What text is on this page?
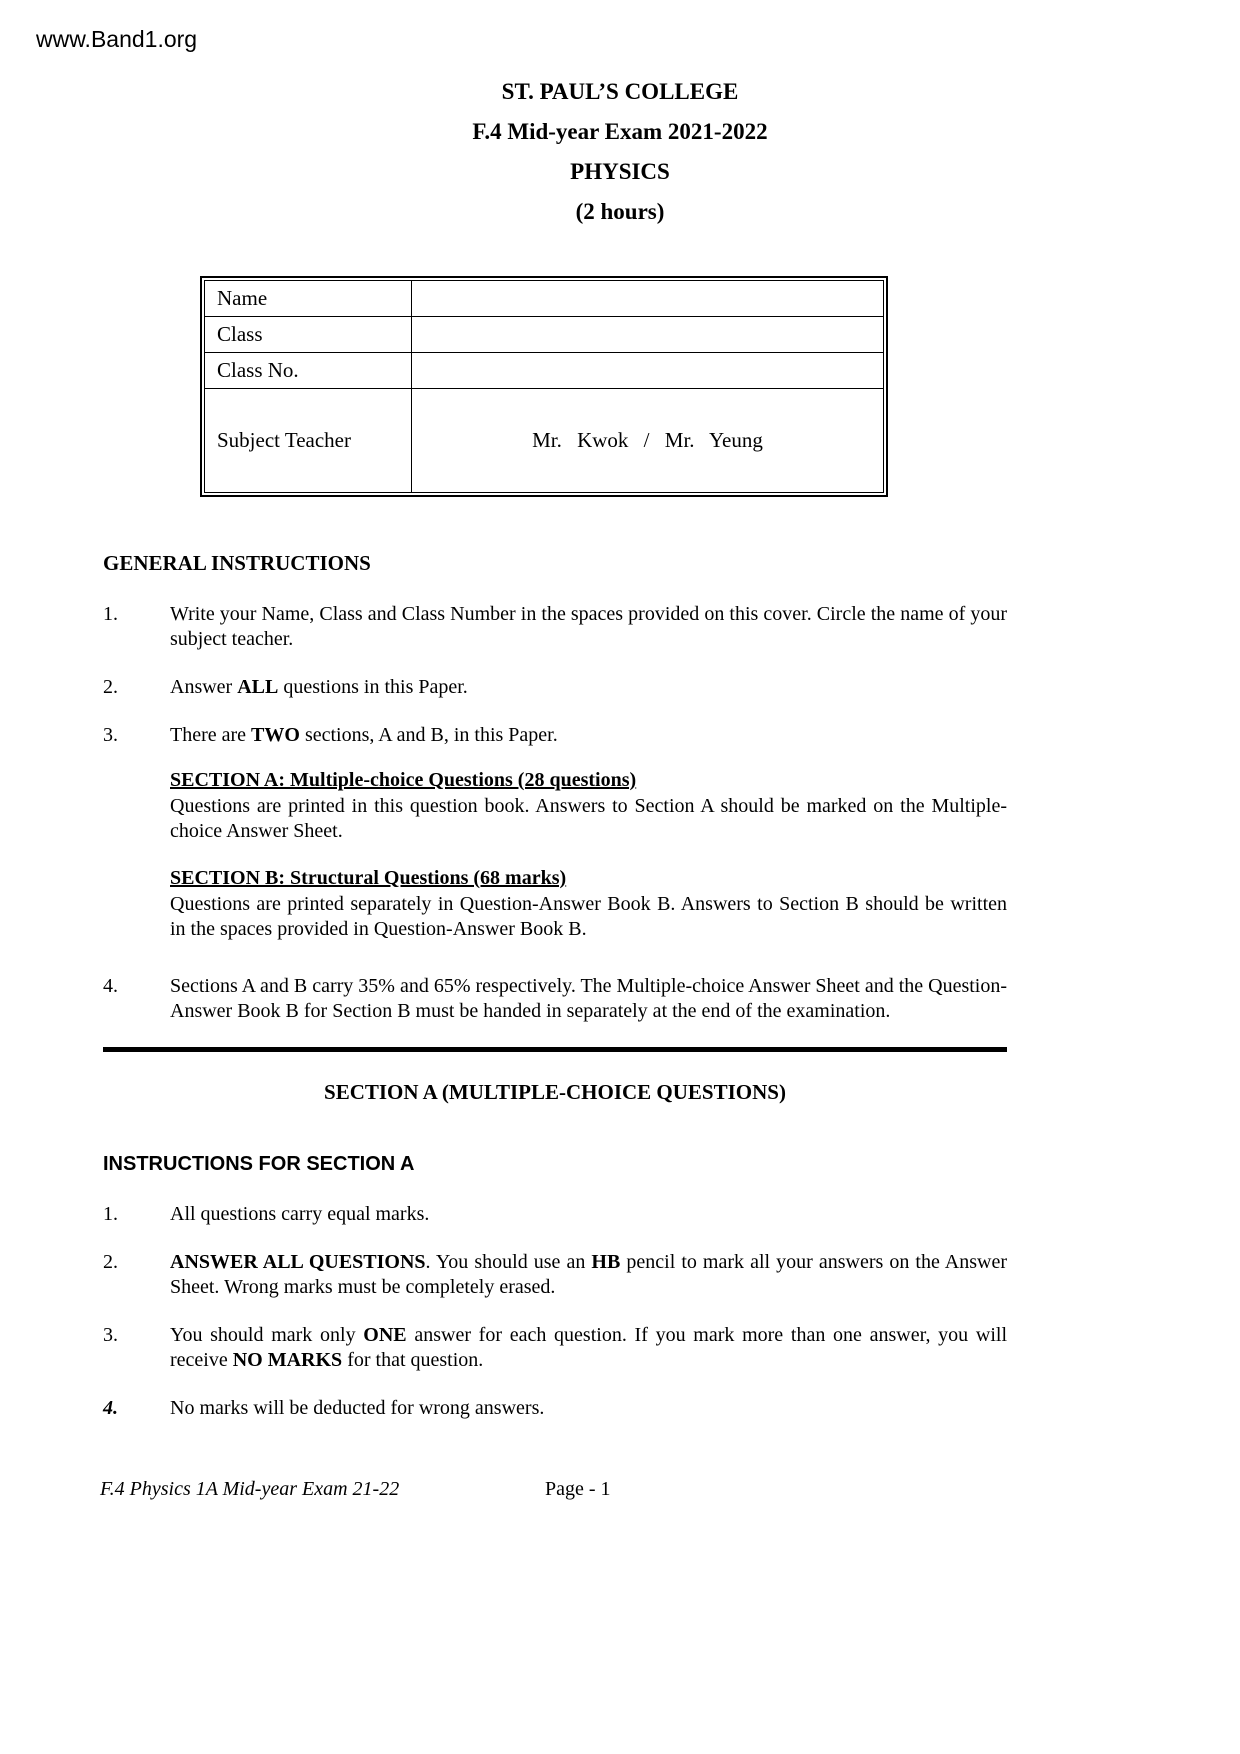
www.Band1.org
ST. PAUL’S COLLEGE
F.4 Mid-year Exam 2021-2022
PHYSICS
(2 hours)
Name	
Class	
Class No.	
Subject Teacher	Mr. Kwok / Mr. Yeung
GENERAL INSTRUCTIONS
1.	Write your Name, Class and Class Number in the spaces provided on this cover. Circle the name of your subject teacher.
2.	Answer ALL questions in this Paper.
3.	There are TWO sections, A and B, in this Paper.
SECTION A: Multiple-choice Questions (28 questions)
Questions are printed in this question book. Answers to Section A should be marked on the Multiple-choice Answer Sheet.
SECTION B: Structural Questions (68 marks)
Questions are printed separately in Question-Answer Book B. Answers to Section B should be written in the spaces provided in Question-Answer Book B.
4.	Sections A and B carry 35% and 65% respectively. The Multiple-choice Answer Sheet and the Question-Answer Book B for Section B must be handed in separately at the end of the examination.
SECTION A (MULTIPLE-CHOICE QUESTIONS)
INSTRUCTIONS FOR SECTION A
1.	All questions carry equal marks.
2.	ANSWER ALL QUESTIONS. You should use an HB pencil to mark all your answers on the Answer Sheet. Wrong marks must be completely erased.
3.	You should mark only ONE answer for each question. If you mark more than one answer, you will receive NO MARKS for that question.
4.	No marks will be deducted for wrong answers.
F.4 Physics 1A Mid-year Exam 21-22	Page - 1
